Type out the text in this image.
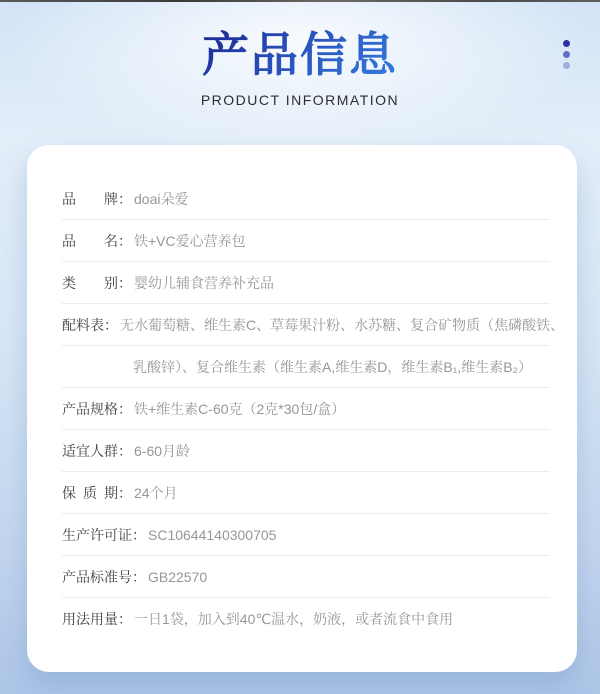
产品信息
PRODUCT INFORMATION
品牌 ： doai朵爱
品名 ： 铁+VC爱心营养包
类别 ： 婴幼儿辅食营养补充品
配料表 ： 无水葡萄糖、维生素C、草莓果汁粉、水苏糖、复合矿物质（焦磷酸铁、
乳酸锌）、复合维生素（维生素A,维生素D，维生素B₁,维生素B₂）
产品规格 ： 铁+维生素C-60克（2克*30包/盒）
适宜人群 ： 6-60月龄
保质期 ： 24个月
生产许可证 ： SC10644140300705
产品标准号 ： GB22570
用法用量 ： 一日1袋，加入到40℃温水，奶液，或者流食中食用
